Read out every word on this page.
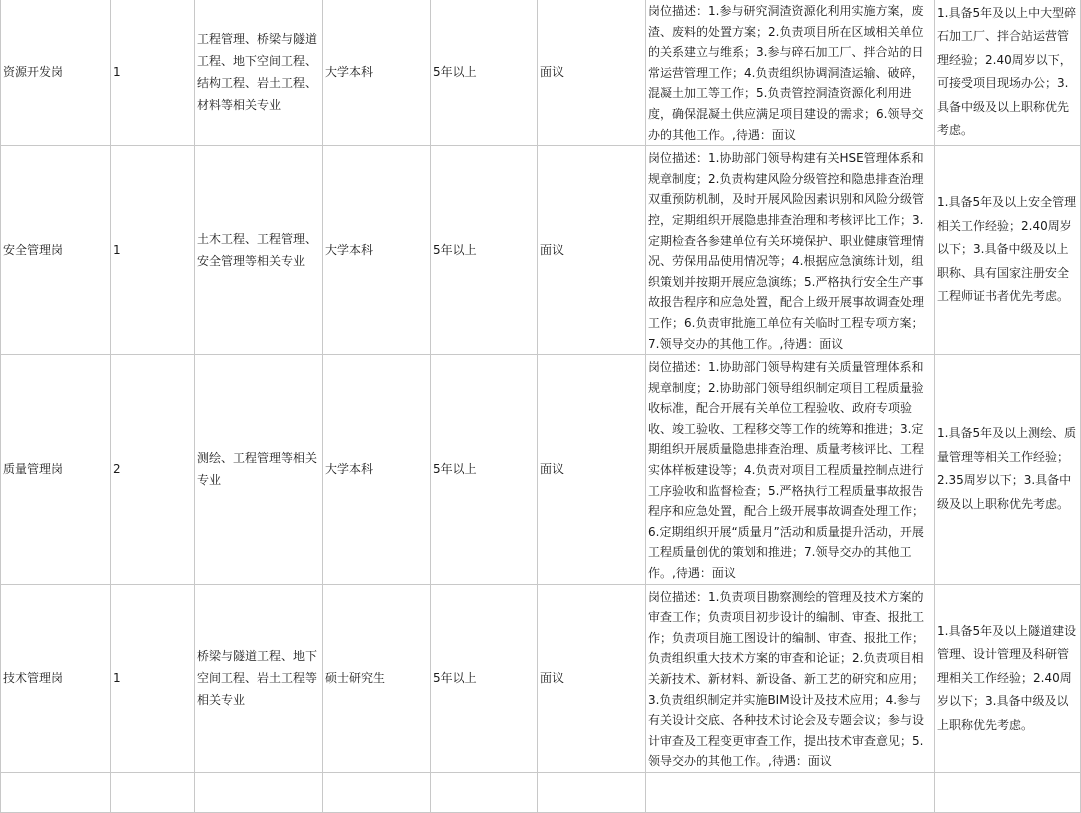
资源开发岗	1	工程管理、桥梁与隧道工程、地下空间工程、结构工程、岩土工程、材料等相关专业	大学本科	5年以上	面议	岗位描述：1.参与研究洞渣资源化利用实施方案，废渣、废料的处置方案；2.负责项目所在区域相关单位的关系建立与维系；3.参与碎石加工厂、拌合站的日常运营管理工作；4.负责组织协调洞渣运输、破碎，混凝土加工等工作；5.负责管控洞渣资源化利用进度，确保混凝土供应满足项目建设的需求；6.领导交办的其他工作。,待遇：面议	1.具备5年及以上中大型碎石加工厂、拌合站运营管理经验；2.40周岁以下，可接受项目现场办公；3.具备中级及以上职称优先考虑。
安全管理岗	1	土木工程、工程管理、安全管理等相关专业	大学本科	5年以上	面议	岗位描述：1.协助部门领导构建有关HSE管理体系和规章制度；2.负责构建风险分级管控和隐患排查治理双重预防机制，及时开展风险因素识别和风险分级管控，定期组织开展隐患排查治理和考核评比工作；3.定期检查各参建单位有关环境保护、职业健康管理情况、劳保用品使用情况等；4.根据应急演练计划，组织策划并按期开展应急演练；5.严格执行安全生产事故报告程序和应急处置，配合上级开展事故调查处理工作；6.负责审批施工单位有关临时工程专项方案；7.领导交办的其他工作。,待遇：面议	1.具备5年及以上安全管理相关工作经验；2.40周岁以下；3.具备中级及以上职称、具有国家注册安全工程师证书者优先考虑。
质量管理岗	2	测绘、工程管理等相关专业	大学本科	5年以上	面议	岗位描述：1.协助部门领导构建有关质量管理体系和规章制度；2.协助部门领导组织制定项目工程质量验收标准，配合开展有关单位工程验收、政府专项验收、竣工验收、工程移交等工作的统筹和推进；3.定期组织开展质量隐患排查治理、质量考核评比、工程实体样板建设等；4.负责对项目工程质量控制点进行工序验收和监督检查；5.严格执行工程质量事故报告程序和应急处置，配合上级开展事故调查处理工作；6.定期组织开展“质量月”活动和质量提升活动，开展工程质量创优的策划和推进；7.领导交办的其他工作。,待遇：面议	1.具备5年及以上测绘、质量管理等相关工作经验；2.35周岁以下；3.具备中级及以上职称优先考虑。
技术管理岗	1	桥梁与隧道工程、地下空间工程、岩土工程等相关专业	硕士研究生	5年以上	面议	岗位描述：1.负责项目勘察测绘的管理及技术方案的审查工作；负责项目初步设计的编制、审查、报批工作；负责项目施工图设计的编制、审查、报批工作；负责组织重大技术方案的审查和论证；2.负责项目相关新技术、新材料、新设备、新工艺的研究和应用；3.负责组织制定并实施BIM设计及技术应用；4.参与有关设计交底、各种技术讨论会及专题会议；参与设计审查及工程变更审查工作，提出技术审查意见；5.领导交办的其他工作。,待遇：面议	1.具备5年及以上隧道建设管理、设计管理及科研管理相关工作经验；2.40周岁以下；3.具备中级及以上职称优先考虑。
